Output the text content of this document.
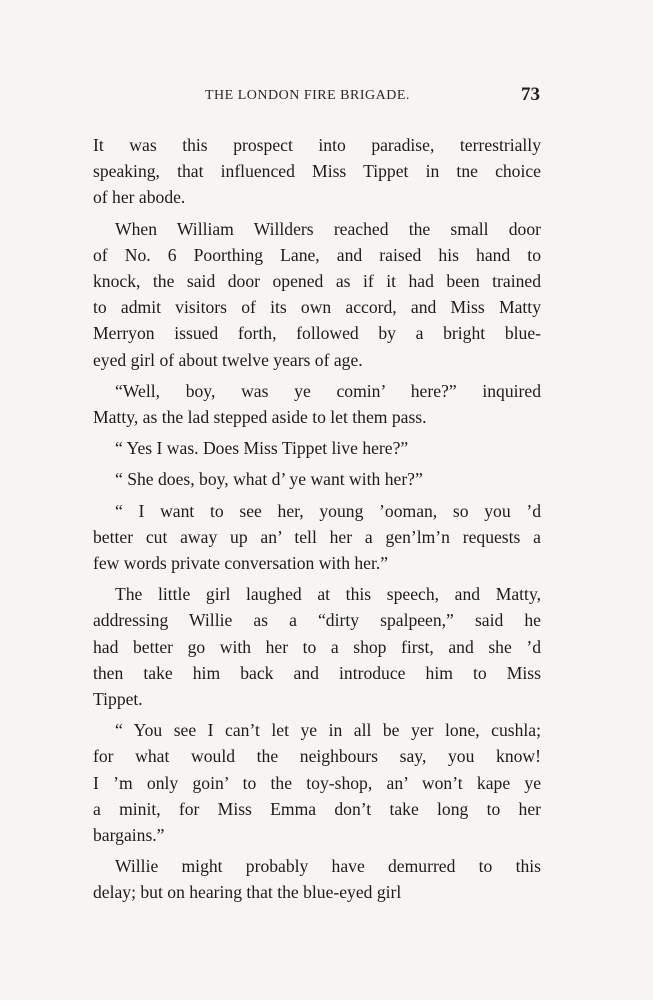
THE LONDON FIRE BRIGADE.	73
It was this prospect into paradise, terrestrially
speaking, that influenced Miss Tippet in tne choice
of her abode.
When William Willders reached the small door
of No. 6 Poorthing Lane, and raised his hand to
knock, the said door opened as if it had been trained
to admit visitors of its own accord, and Miss Matty
Merryon issued forth, followed by a bright blue-
eyed girl of about twelve years of age.
“Well, boy, was ye comin’ here?” inquired
Matty, as the lad stepped aside to let them pass.
“ Yes I was. Does Miss Tippet live here?”
“ She does, boy, what d’ ye want with her?”
“ I want to see her, young ’ooman, so you ’d
better cut away up an’ tell her a gen’lm’n requests a
few words private conversation with her.”
The little girl laughed at this speech, and Matty,
addressing Willie as a “dirty spalpeen,” said he
had better go with her to a shop first, and she ’d
then take him back and introduce him to Miss
Tippet.
“ You see I can’t let ye in all be yer lone, cushla;
for what would the neighbours say, you know!
I ’m only goin’ to the toy-shop, an’ won’t kape ye
a minit, for Miss Emma don’t take long to her
bargains.”
Willie might probably have demurred to this
delay; but on hearing that the blue-eyed girl
